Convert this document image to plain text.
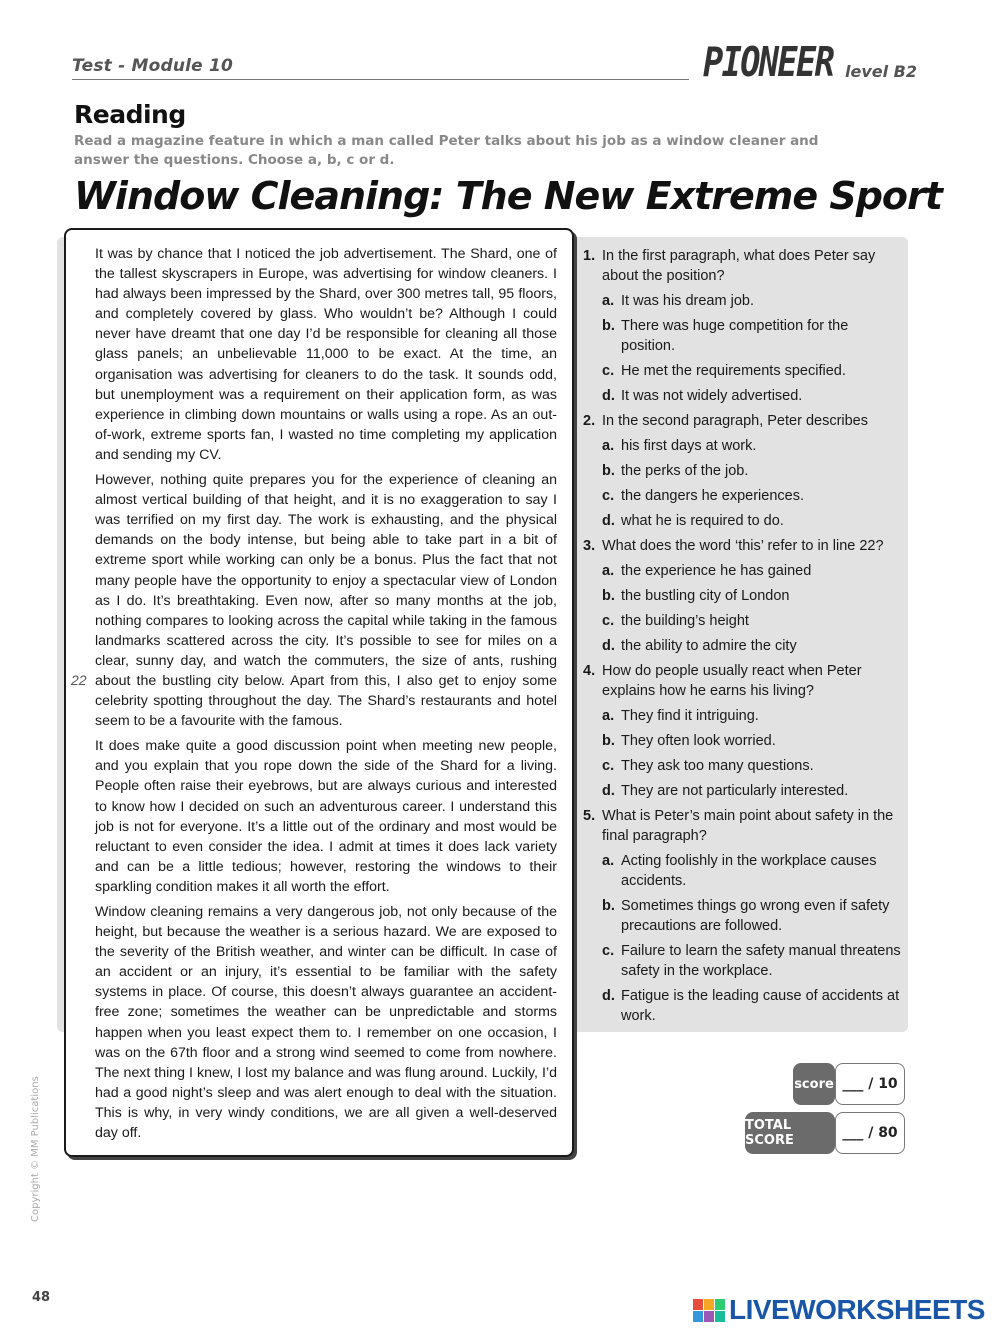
Test - Module 10	PIONEER level B2
Reading
Read a magazine feature in which a man called Peter talks about his job as a window cleaner and answer the questions. Choose a, b, c or d.
Window Cleaning: The New Extreme Sport

It was by chance that I noticed the job advertisement. The Shard, one of the tallest skyscrapers in Europe, was advertising for window cleaners. I had always been impressed by the Shard, over 300 metres tall, 95 floors, and completely covered by glass. Who wouldn’t be? Although I could never have dreamt that one day I’d be responsible for cleaning all those glass panels; an unbelievable 11,000 to be exact. At the time, an organisation was advertising for cleaners to do the task. It sounds odd, but unemployment was a requirement on their application form, as was experience in climbing down mountains or walls using a rope. As an out-of-work, extreme sports fan, I wasted no time completing my application and sending my CV.

However, nothing quite prepares you for the experience of cleaning an almost vertical building of that height, and it is no exaggeration to say I was terrified on my first day. The work is exhausting, and the physical demands on the body intense, but being able to take part in a bit of extreme sport while working can only be a bonus. Plus the fact that not many people have the opportunity to enjoy a spectacular view of London as I do. It’s breathtaking. Even now, after so many months at the job, nothing compares to looking across the capital while taking in the famous landmarks scattered across the city. It’s possible to see for miles on a clear, sunny day, and watch the commuters, the size of ants, rushing about the bustling city below. Apart from this, I also get to enjoy some celebrity spotting throughout the day. The Shard’s restaurants and hotel seem to be a favourite with the famous.

It does make quite a good discussion point when meeting new people, and you explain that you rope down the side of the Shard for a living. People often raise their eyebrows, but are always curious and interested to know how I decided on such an adventurous career. I understand this job is not for everyone. It’s a little out of the ordinary and most would be reluctant to even consider the idea. I admit at times it does lack variety and can be a little tedious; however, restoring the windows to their sparkling condition makes it all worth the effort.

Window cleaning remains a very dangerous job, not only because of the height, but because the weather is a serious hazard. We are exposed to the severity of the British weather, and winter can be difficult. In case of an accident or an injury, it’s essential to be familiar with the safety systems in place. Of course, this doesn’t always guarantee an accident-free zone; sometimes the weather can be unpredictable and storms happen when you least expect them to. I remember on one occasion, I was on the 67th floor and a strong wind seemed to come from nowhere. The next thing I knew, I lost my balance and was flung around. Luckily, I’d had a good night’s sleep and was alert enough to deal with the situation. This is why, in very windy conditions, we are all given a well-deserved day off.

22
1. In the first paragraph, what does Peter say about the position?
a. It was his dream job.
b. There was huge competition for the position.
c. He met the requirements specified.
d. It was not widely advertised.
2. In the second paragraph, Peter describes
a. his first days at work.
b. the perks of the job.
c. the dangers he experiences.
d. what he is required to do.
3. What does the word ‘this’ refer to in line 22?
a. the experience he has gained
b. the bustling city of London
c. the building’s height
d. the ability to admire the city
4. How do people usually react when Peter explains how he earns his living?
a. They find it intriguing.
b. They often look worried.
c. They ask too many questions.
d. They are not particularly interested.
5. What is Peter’s main point about safety in the final paragraph?
a. Acting foolishly in the workplace causes accidents.
b. Sometimes things go wrong even if safety precautions are followed.
c. Failure to learn the safety manual threatens safety in the workplace.
d. Fatigue is the leading cause of accidents at work.
score ___ / 10
TOTAL SCORE	___ / 80
Copyright © MM Publications
48	LIVEWORKSHEETS
